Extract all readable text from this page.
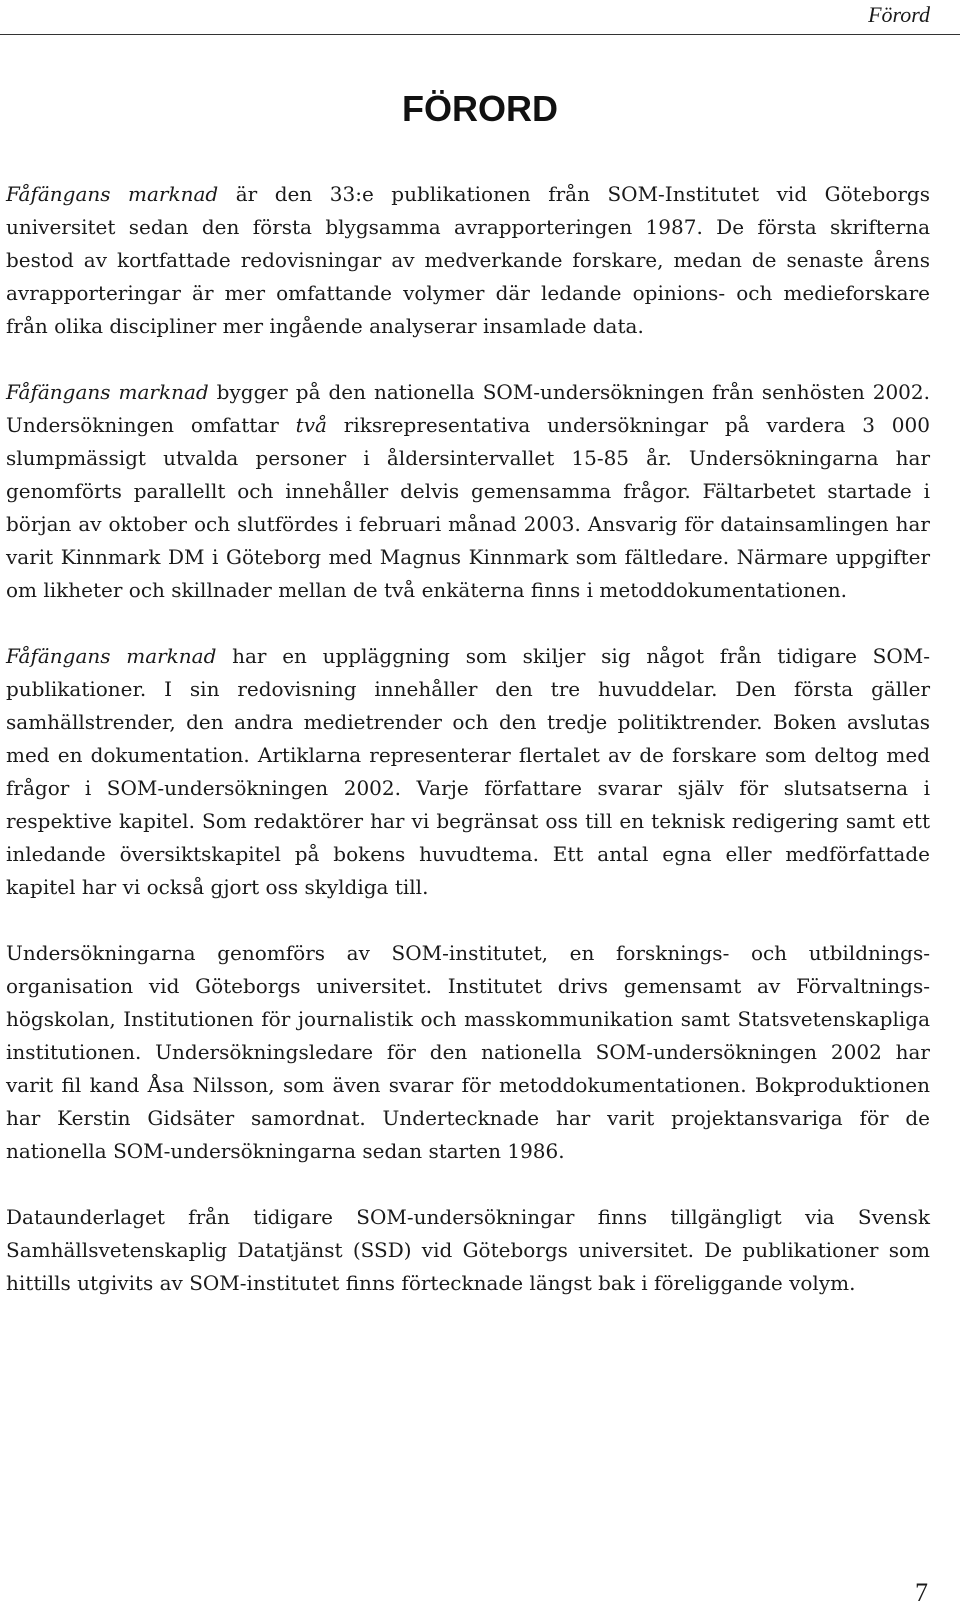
Förord
FÖRORD

Fåfängans marknad är den 33:e publikationen från SOM-Institutet vid Göteborgs universitet sedan den första blygsamma avrapporteringen 1987. De första skrifterna bestod av kortfattade redovisningar av medverkande forskare, medan de senaste årens avrapporteringar är mer omfattande volymer där ledande opinions- och medieforskare från olika discipliner mer ingående analyserar insamlade data.

Fåfängans marknad bygger på den nationella SOM-undersökningen från senhösten 2002. Undersökningen omfattar två riksrepresentativa undersökningar på vardera 3 000 slumpmässigt utvalda personer i åldersintervallet 15-85 år. Undersökningarna har genomförts parallellt och innehåller delvis gemensamma frågor. Fältarbetet startade i början av oktober och slutfördes i februari månad 2003. Ansvarig för datainsamlingen har varit Kinnmark DM i Göteborg med Magnus Kinnmark som fältledare. Närmare uppgifter om likheter och skillnader mellan de två enkäterna finns i metoddokumentationen.

Fåfängans marknad har en uppläggning som skiljer sig något från tidigare SOM-publikationer. I sin redovisning innehåller den tre huvuddelar. Den första gäller samhällstrender, den andra medietrender och den tredje politiktrender. Boken avslutas med en dokumentation. Artiklarna representerar flertalet av de forskare som deltog med frågor i SOM-undersökningen 2002. Varje författare svarar själv för slutsatserna i respektive kapitel. Som redaktörer har vi begränsat oss till en teknisk redigering samt ett inledande översiktskapitel på bokens huvudtema. Ett antal egna eller medförfattade kapitel har vi också gjort oss skyldiga till.

Undersökningarna genomförs av SOM-institutet, en forsknings- och utbildningsorganisation vid Göteborgs universitet. Institutet drivs gemensamt av Förvaltningshögskolan, Institutionen för journalistik och masskommunikation samt Statsvetenskapliga institutionen. Undersökningsledare för den nationella SOM-undersökningen 2002 har varit fil kand Åsa Nilsson, som även svarar för metoddokumentationen. Bokproduktionen har Kerstin Gidsäter samordnat. Undertecknade har varit projektansvariga för de nationella SOM-undersökningarna sedan starten 1986.

Dataunderlaget från tidigare SOM-undersökningar finns tillgängligt via Svensk Samhällsvetenskaplig Datatjänst (SSD) vid Göteborgs universitet. De publikationer som hittills utgivits av SOM-institutet finns förtecknade längst bak i föreliggande volym.

7
